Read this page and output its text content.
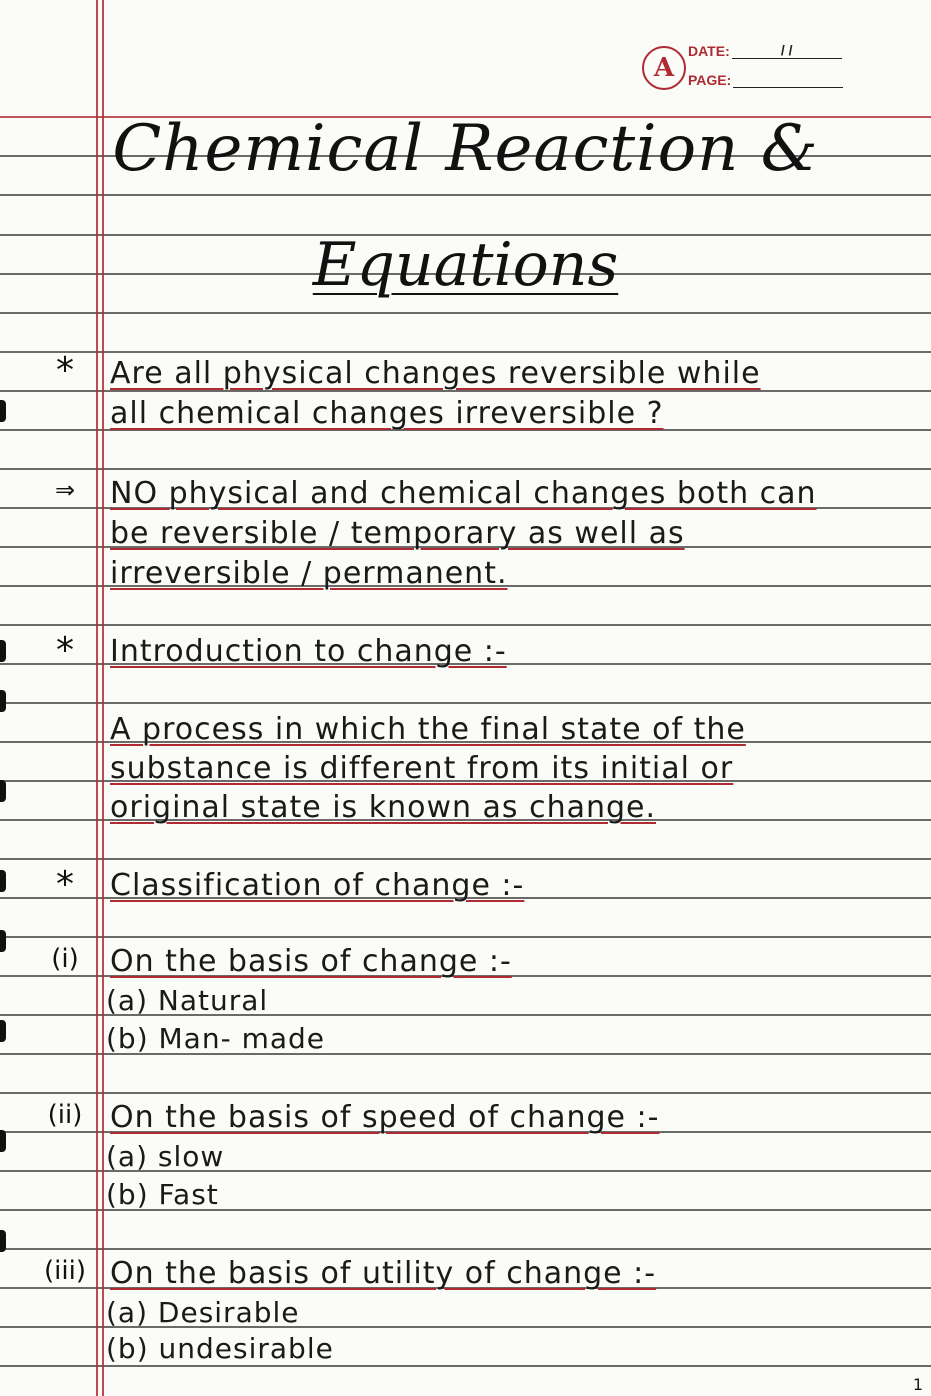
A
DATE:	/ /
PAGE:
Chemical Reaction &
Equations
*	Are all physical changes reversible while
all chemical changes irreversible ?
⇒	NO physical and chemical changes both can
be reversible / temporary as well as
irreversible / permanent.
*	Introduction to change :-
A process in which the final state of the
substance is different from its initial or
original state is known as change.
*	Classification of change :-
(i)	On the basis of change :-
(a) Natural
(b) Man- made
(ii) On the basis of speed of change :-
(a) slow
(b) Fast
(iii) On the basis of utility of change :-
(a) Desirable
(b) undesirable
1
